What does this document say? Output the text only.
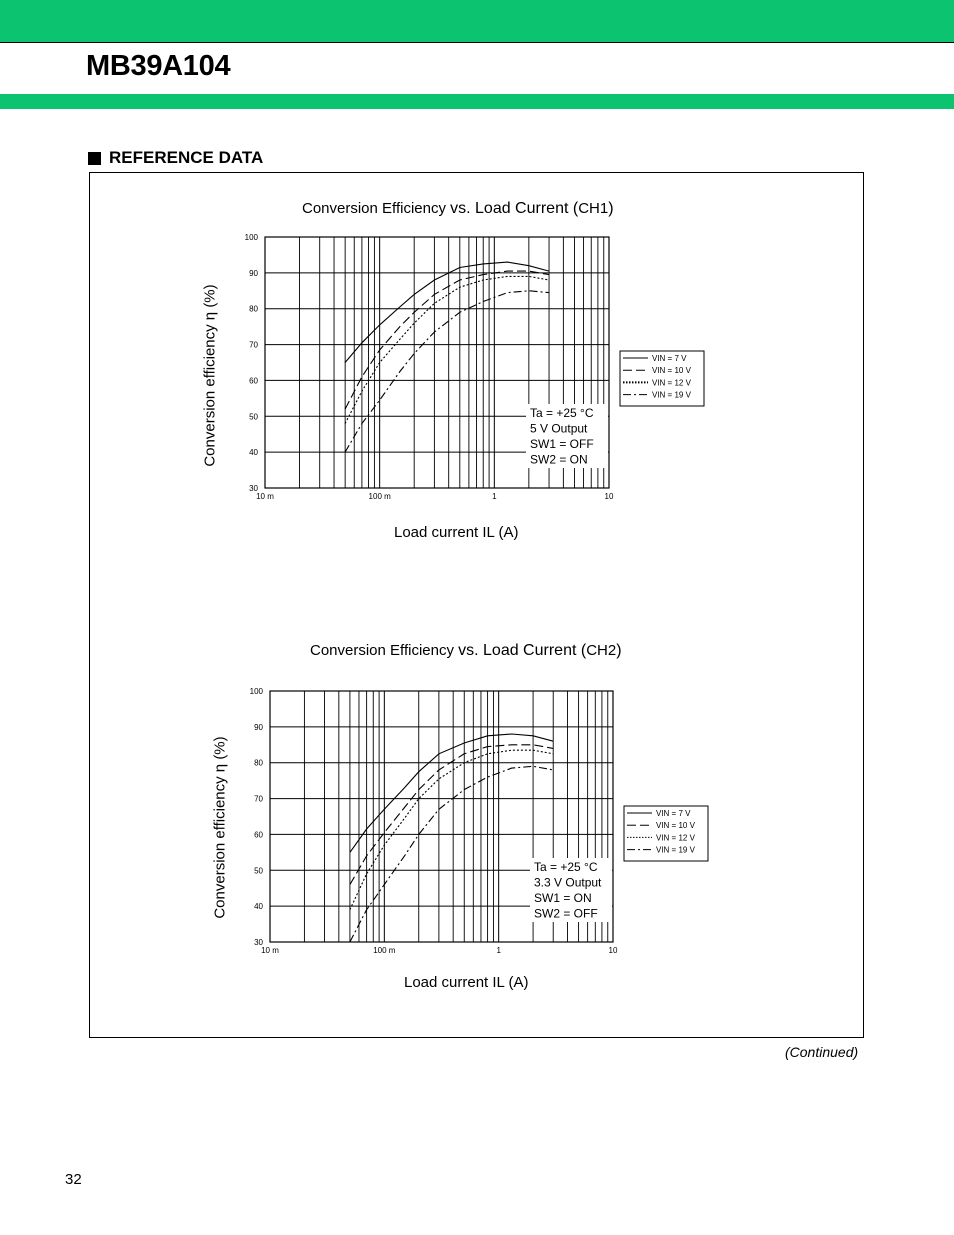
MB39A104
REFERENCE DATA
Conversion Efficiency vs. Load Current (CH1)
Conversion efficiency η (%)
Load current IL (A)
100
90
80
70
60
50
40
30
10 m	100 m	1	10
Ta = +25 °C
5 V Output
SW1 = OFF
SW2 = ON
VIN = 7 V
VIN = 10 V
VIN = 12 V
VIN = 19 V
Conversion Efficiency vs. Load Current (CH2)
Conversion efficiency η (%)
Load current IL (A)
100
90
80
70
60
50
40
30
10 m	100 m	1	10
Ta = +25 °C
3.3 V Output
SW1 = ON
SW2 = OFF
VIN = 7 V
VIN = 10 V
VIN = 12 V
VIN = 19 V
(Continued)
32
